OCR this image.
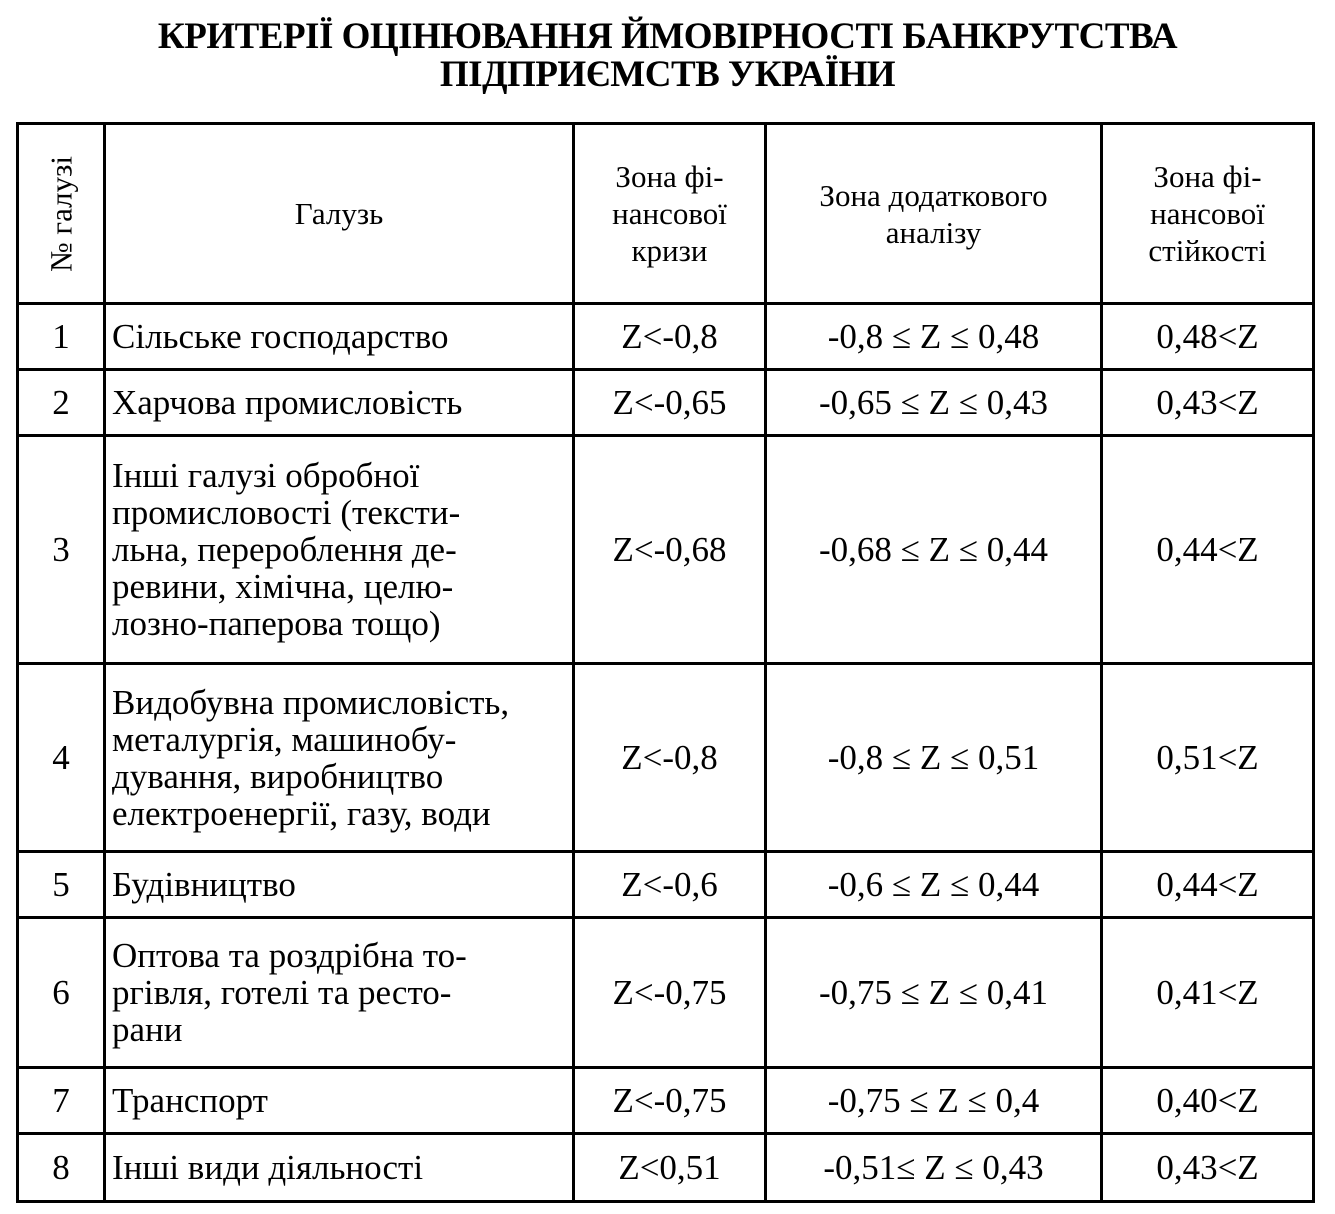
КРИТЕРІЇ ОЦІНЮВАННЯ ЙМОВІРНОСТІ БАНКРУТСТВА
ПІДПРИЄМСТВ УКРАЇНИ
№ галузі	Галузь	Зона фі-
нансової
кризи	Зона додаткового
аналізу	Зона фі-
нансової
стійкості
1	Сільське господарство	Z<-0,8	-0,8 ≤ Z ≤ 0,48	0,48<Z
2	Харчова промисловість	Z<-0,65	-0,65 ≤ Z ≤ 0,43	0,43<Z
3	Інші галузі обробної
промисловості (тексти-
льна, перероблення де-
ревини, хімічна, целю-
лозно-паперова тощо)	Z<-0,68	-0,68 ≤ Z ≤ 0,44	0,44<Z
4	Видобувна промисловість,
металургія, машинобу-
дування, виробництво
електроенергії, газу, води	Z<-0,8	-0,8 ≤ Z ≤ 0,51	0,51<Z
5	Будівництво	Z<-0,6	-0,6 ≤ Z ≤ 0,44	0,44<Z
6	Оптова та роздрібна то-
ргівля, готелі та ресто-
рани	Z<-0,75	-0,75 ≤ Z ≤ 0,41	0,41<Z
7	Транспорт	Z<-0,75	-0,75 ≤ Z ≤ 0,4	0,40<Z
8	Інші види діяльності	Z<0,51	-0,51≤ Z ≤ 0,43	0,43<Z
